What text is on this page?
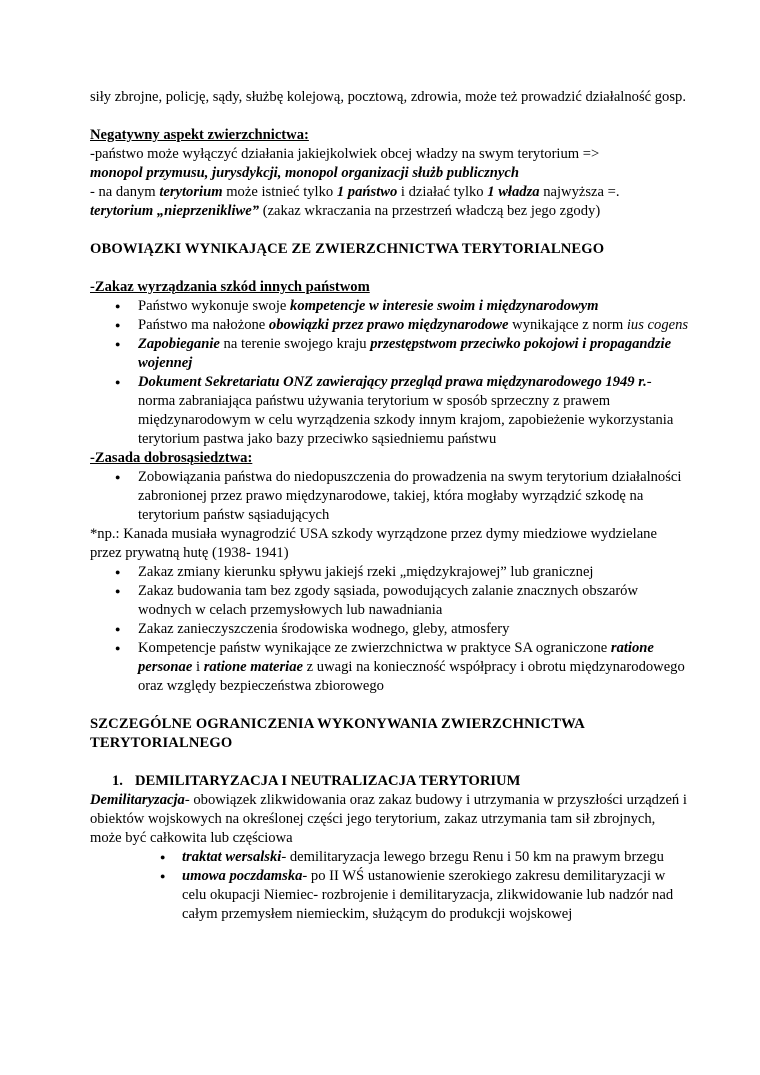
siły zbrojne, policję, sądy, służbę kolejową, pocztową, zdrowia, może też prowadzić działalność gosp.

Negatywny aspekt zwierzchnictwa:

-państwo może wyłączyć działania jakiejkolwiek obcej władzy na swym terytorium =>

monopol przymusu, jurysdykcji, monopol organizacji służb publicznych

- na danym terytorium może istnieć tylko 1 państwo i działać tylko 1 władza najwyższa =.

terytorium „nieprzenikliwe” (zakaz wkraczania na przestrzeń władczą bez jego zgody)

OBOWIĄZKI WYNIKAJĄCE ZE ZWIERZCHNICTWA TERYTORIALNEGO

-Zakaz wyrządzania szkód innych państwom

● Państwo wykonuje swoje kompetencje w interesie swoim i międzynarodowym
● Państwo ma nałożone obowiązki przez prawo międzynarodowe wynikające z norm ius cogens
● Zapobieganie na terenie swojego kraju przestępstwom przeciwko pokojowi i propagandzie wojennej
● Dokument Sekretariatu ONZ zawierający przegląd prawa międzynarodowego 1949 r.- norma zabraniająca państwu używania terytorium w sposób sprzeczny z prawem międzynarodowym w celu wyrządzenia szkody innym krajom, zapobieżenie wykorzystania terytorium pastwa jako bazy przeciwko sąsiedniemu państwu

-Zasada dobrosąsiedztwa:

● Zobowiązania państwa do niedopuszczenia do prowadzenia na swym terytorium działalności zabronionej przez prawo międzynarodowe, takiej, która mogłaby wyrządzić szkodę na terytorium państw sąsiadujących

*np.: Kanada musiała wynagrodzić USA szkody wyrządzone przez dymy miedziowe wydzielane przez prywatną hutę (1938- 1941)

● Zakaz zmiany kierunku spływu jakiejś rzeki „międzykrajowej” lub granicznej
● Zakaz budowania tam bez zgody sąsiada, powodujących zalanie znacznych obszarów wodnych w celach przemysłowych lub nawadniania
● Zakaz zanieczyszczenia środowiska wodnego, gleby, atmosfery
● Kompetencje państw wynikające ze zwierzchnictwa w praktyce SA ograniczone ratione personae i ratione materiae z uwagi na konieczność współpracy i obrotu międzynarodowego oraz względy bezpieczeństwa zbiorowego

SZCZEGÓLNE OGRANICZENIA WYKONYWANIA ZWIERZCHNICTWA TERYTORIALNEGO

1. DEMILITARYZACJA I NEUTRALIZACJA TERYTORIUM

Demilitaryzacja- obowiązek zlikwidowania oraz zakaz budowy i utrzymania w przyszłości urządzeń i obiektów wojskowych na określonej części jego terytorium, zakaz utrzymania tam sił zbrojnych, może być całkowita lub częściowa

● traktat wersalski- demilitaryzacja lewego brzegu Renu i 50 km na prawym brzegu
● umowa poczdamska- po II WŚ ustanowienie szerokiego zakresu demilitaryzacji w celu okupacji Niemiec- rozbrojenie i demilitaryzacja, zlikwidowanie lub nadzór nad całym przemysłem niemieckim, służącym do produkcji wojskowej
